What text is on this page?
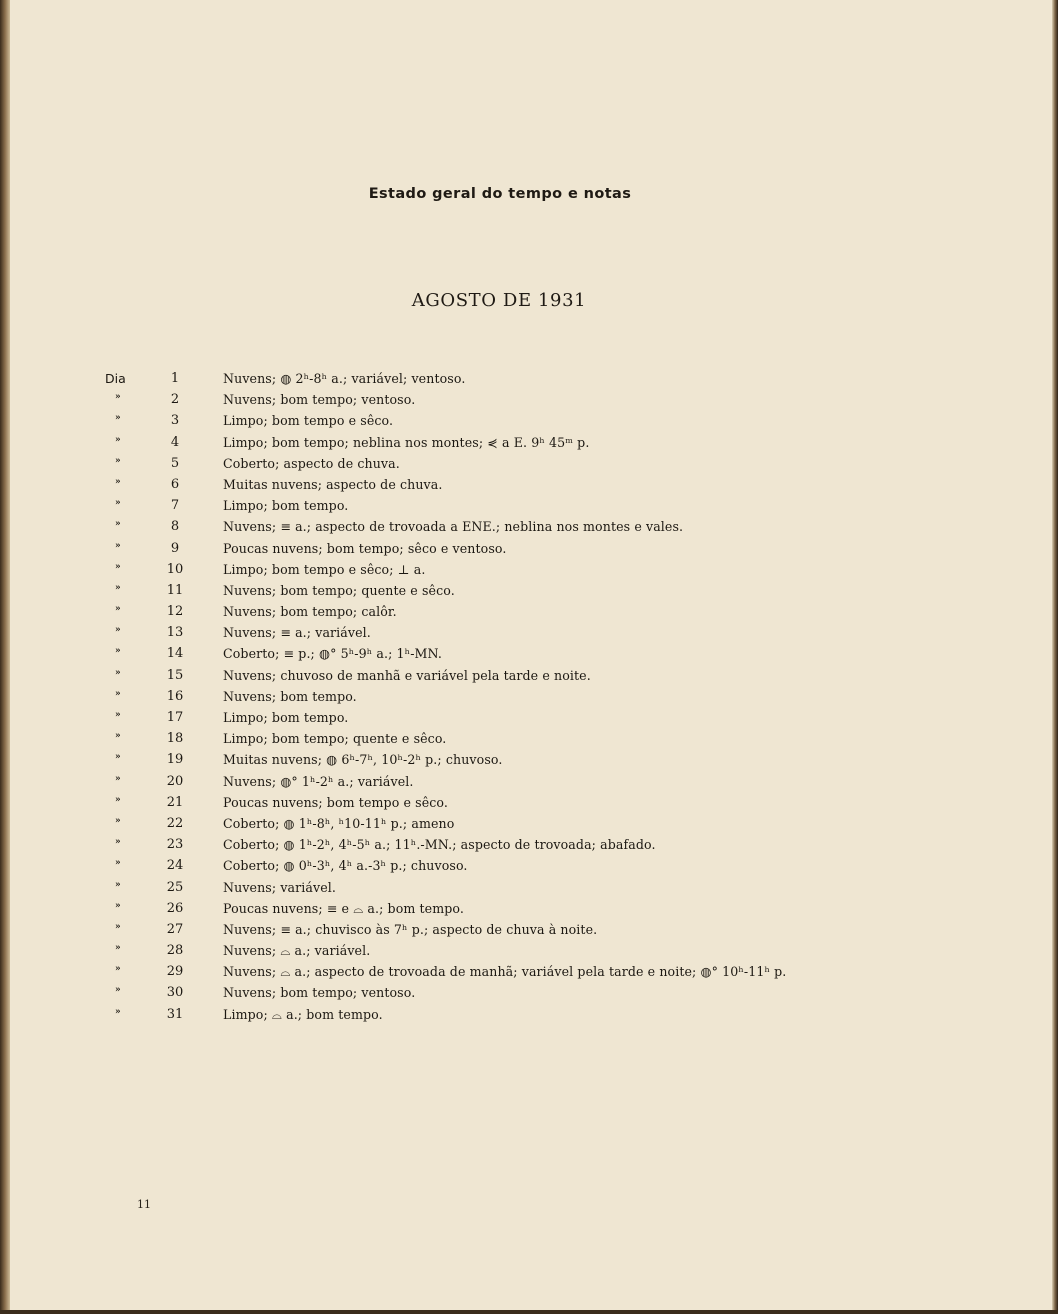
Estado geral do tempo e notas
AGOSTO DE 1931
Dia	1	Nuvens; ◍ 2ʰ-8ʰ a.; variável; ventoso.
»	2	Nuvens; bom tempo; ventoso.
»	3	Limpo; bom tempo e sêco.
»	4	Limpo; bom tempo; neblina nos montes; ⋞ a E. 9ʰ 45ᵐ p.
»	5	Coberto; aspecto de chuva.
»	6	Muitas nuvens; aspecto de chuva.
»	7	Limpo; bom tempo.
»	8	Nuvens; ≡ a.; aspecto de trovoada a ENE.; neblina nos montes e vales.
»	9	Poucas nuvens; bom tempo; sêco e ventoso.
»	10	Limpo; bom tempo e sêco; ⊥ a.
»	11	Nuvens; bom tempo; quente e sêco.
»	12	Nuvens; bom tempo; calôr.
»	13	Nuvens; ≡ a.; variável.
»	14	Coberto; ≡ p.; ◍° 5ʰ-9ʰ a.; 1ʰ-MN.
»	15	Nuvens; chuvoso de manhã e variável pela tarde e noite.
»	16	Nuvens; bom tempo.
»	17	Limpo; bom tempo.
»	18	Limpo; bom tempo; quente e sêco.
»	19	Muitas nuvens; ◍ 6ʰ-7ʰ, 10ʰ-2ʰ p.; chuvoso.
»	20	Nuvens; ◍° 1ʰ-2ʰ a.; variável.
»	21	Poucas nuvens; bom tempo e sêco.
»	22	Coberto; ◍ 1ʰ-8ʰ, ʰ10-11ʰ p.; ameno
»	23	Coberto; ◍ 1ʰ-2ʰ, 4ʰ-5ʰ a.; 11ʰ.-MN.; aspecto de trovoada; abafado.
»	24	Coberto; ◍ 0ʰ-3ʰ, 4ʰ a.-3ʰ p.; chuvoso.
»	25	Nuvens; variável.
»	26	Poucas nuvens; ≡ e ⌓ a.; bom tempo.
»	27	Nuvens; ≡ a.; chuvisco às 7ʰ p.; aspecto de chuva à noite.
»	28	Nuvens; ⌓ a.; variável.
»	29	Nuvens; ⌓ a.; aspecto de trovoada de manhã; variável pela tarde e noite; ◍° 10ʰ-11ʰ p.
»	30	Nuvens; bom tempo; ventoso.
»	31	Limpo; ⌓ a.; bom tempo.
11
